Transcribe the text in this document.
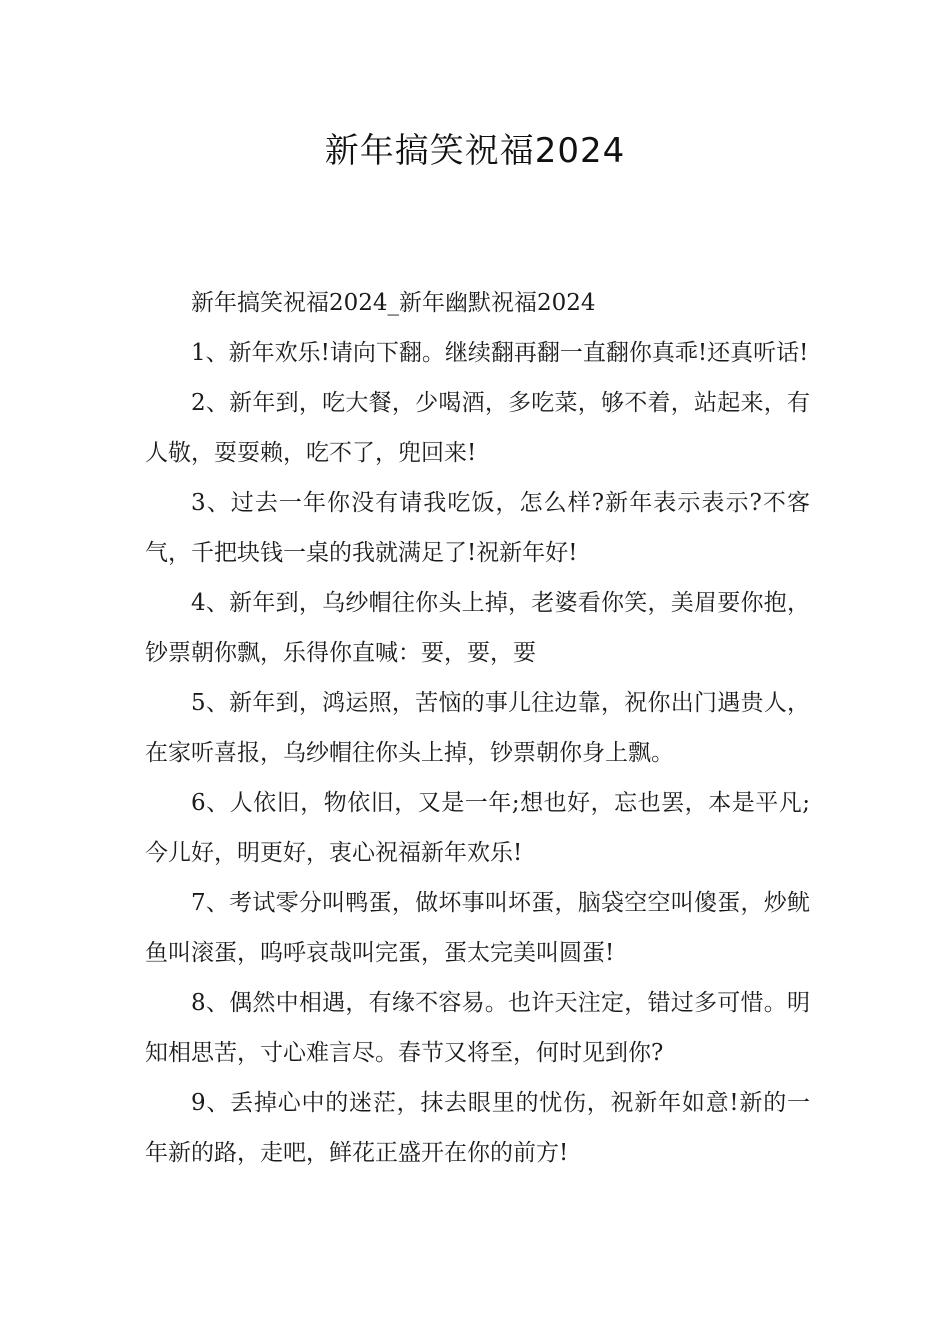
新年搞笑祝福2024

新年搞笑祝福2024_新年幽默祝福2024

1、新年欢乐!请向下翻。继续翻再翻一直翻你真乖!还真听话!

2、新年到，吃大餐，少喝酒，多吃菜，够不着，站起来，有人敬，耍耍赖，吃不了，兜回来!

3、过去一年你没有请我吃饭，怎么样?新年表示表示?不客气，千把块钱一桌的我就满足了!祝新年好!

4、新年到，乌纱帽往你头上掉，老婆看你笑，美眉要你抱，钞票朝你飘，乐得你直喊：要，要，要

5、新年到，鸿运照，苦恼的事儿往边靠，祝你出门遇贵人，在家听喜报，乌纱帽往你头上掉，钞票朝你身上飘。

6、人依旧，物依旧，又是一年;想也好，忘也罢，本是平凡;今儿好，明更好，衷心祝福新年欢乐!

7、考试零分叫鸭蛋，做坏事叫坏蛋，脑袋空空叫傻蛋，炒鱿鱼叫滚蛋，呜呼哀哉叫完蛋，蛋太完美叫圆蛋!

8、偶然中相遇，有缘不容易。也许天注定，错过多可惜。明知相思苦，寸心难言尽。春节又将至，何时见到你?

9、丢掉心中的迷茫，抹去眼里的忧伤，祝新年如意!新的一年新的路，走吧，鲜花正盛开在你的前方!
